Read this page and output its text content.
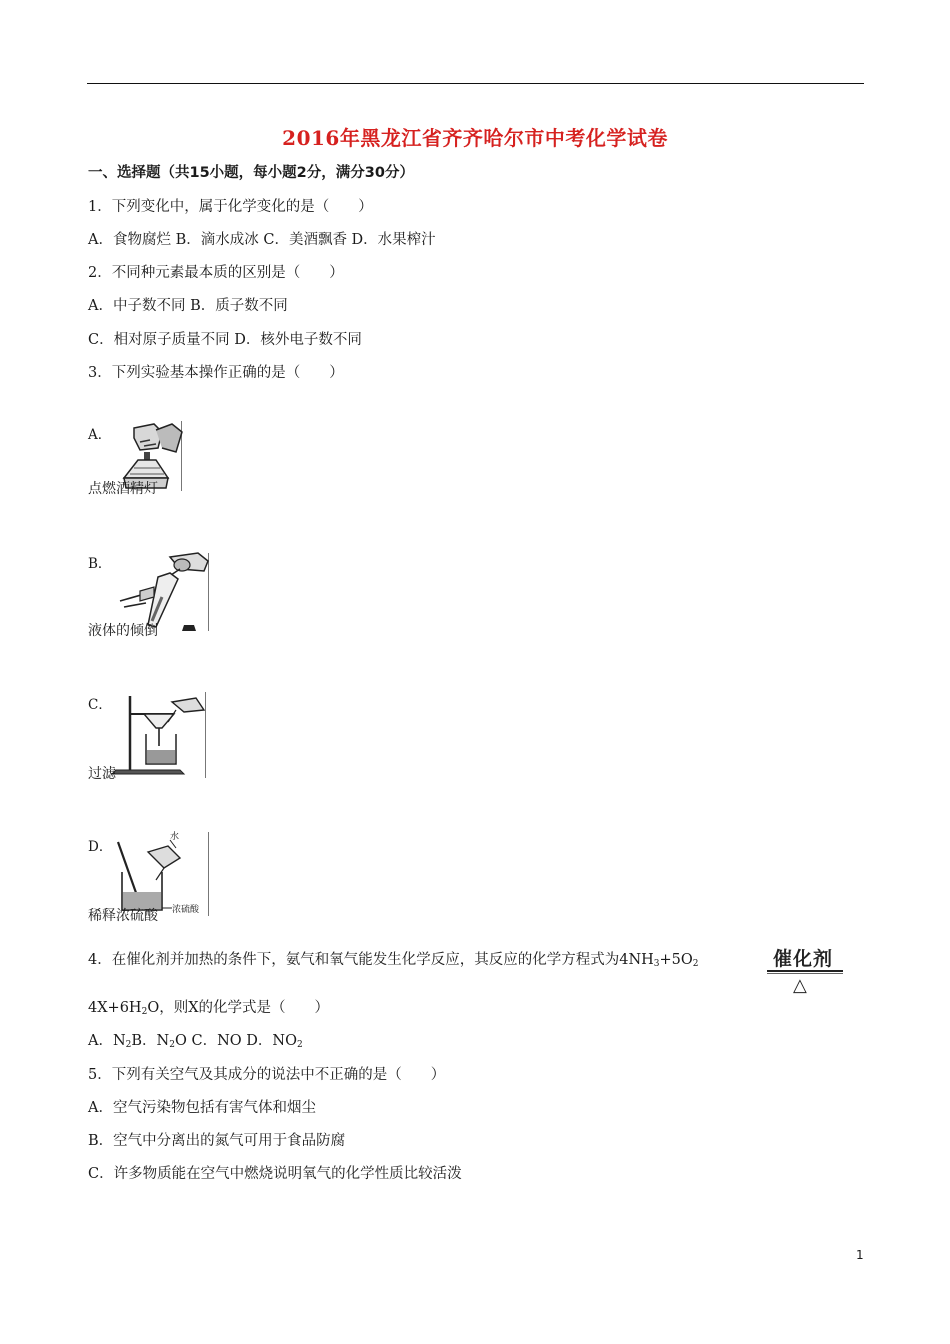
2016年黑龙江省齐齐哈尔市中考化学试卷
一、选择题（共15小题，每小题2分，满分30分）
1．下列变化中，属于化学变化的是（　　）
A．食物腐烂 B．滴水成冰 C．美酒飘香 D．水果榨汁
2．不同种元素最本质的区别是（　　）
A．中子数不同 B．质子数不同
C．相对原子质量不同 D．核外电子数不同
3．下列实验基本操作正确的是（　　）
A．
点燃酒精灯
B．
液体的倾倒
C．
过滤
D．
水
浓硫酸
稀释浓硫酸
4．在催化剂并加热的条件下，氨气和氧气能发生化学反应，其反应的化学方程式为$4NH_3+5O_2$	催化剂
△
$4X+6H_2O$，则X的化学式是（　　）
A．$N_2B$．$N_2O$ C．NO D．$NO_2$
5．下列有关空气及其成分的说法中不正确的是（　　）
A．空气污染物包括有害气体和烟尘
B．空气中分离出的氮气可用于食品防腐
C．许多物质能在空气中燃烧说明氧气的化学性质比较活泼
1
